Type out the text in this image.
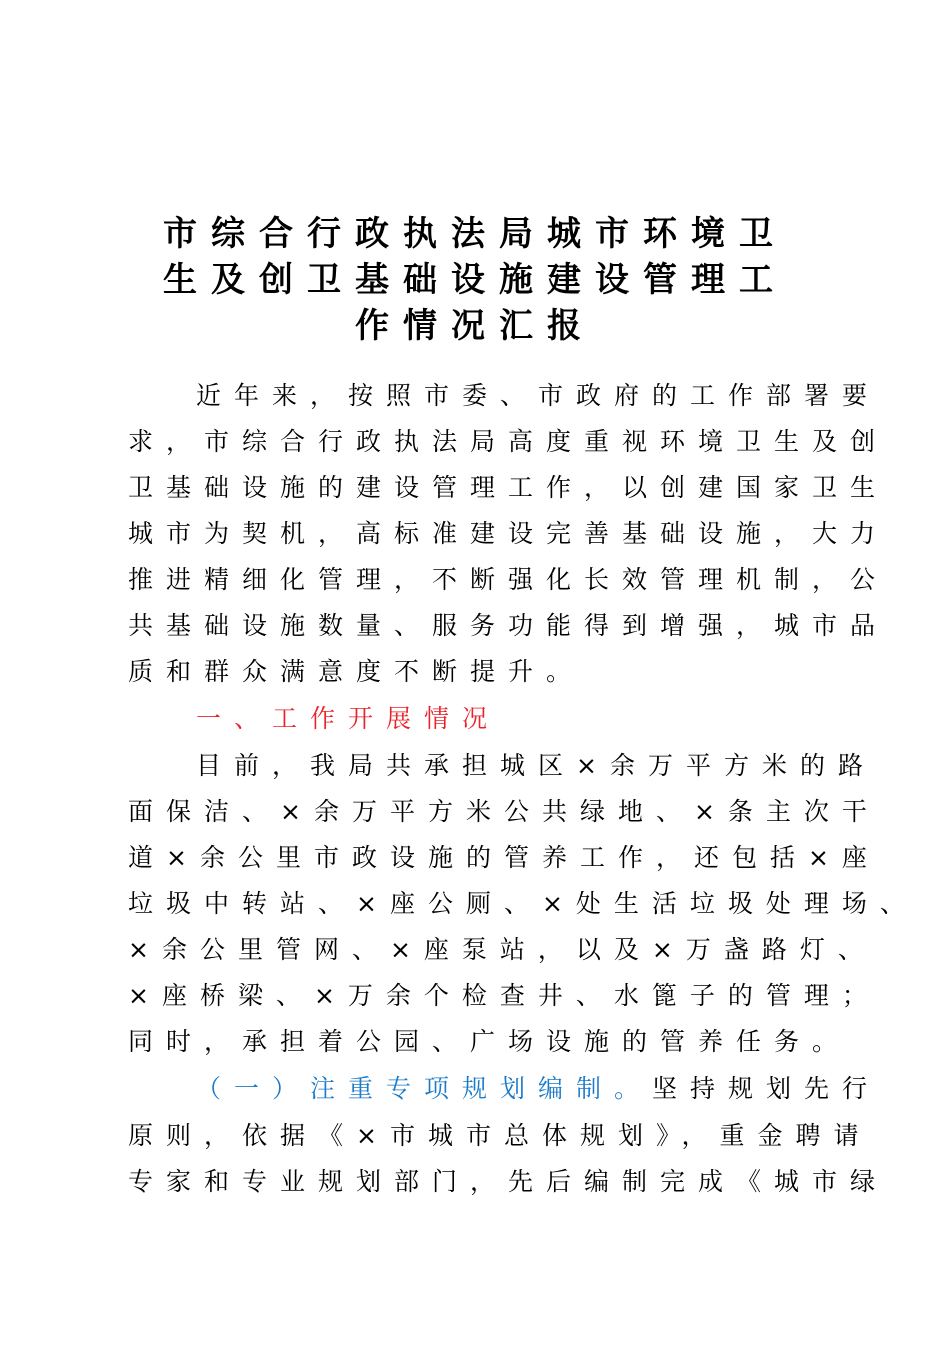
市综合行政执法局城市环境卫
生及创卫基础设施建设管理工
作情况汇报
近年来，按照市委、市政府的工作部署要
求，市综合行政执法局高度重视环境卫生及创
卫基础设施的建设管理工作，以创建国家卫生
城市为契机，高标准建设完善基础设施，大力
推进精细化管理，不断强化长效管理机制，公
共基础设施数量、服务功能得到增强，城市品
质和群众满意度不断提升。
一、工作开展情况
目前，我局共承担城区×余万平方米的路
面保洁、×余万平方米公共绿地、×条主次干
道×余公里市政设施的管养工作，还包括×座
垃圾中转站、×座公厕、×处生活垃圾处理场、
×余公里管网、×座泵站，以及×万盏路灯、
×座桥梁、×万余个检查井、水篦子的管理；
同时，承担着公园、广场设施的管养任务。
（一）注重专项规划编制。坚持规划先行
原则，依据《×市城市总体规划》，重金聘请
专家和专业规划部门，先后编制完成《城市绿
